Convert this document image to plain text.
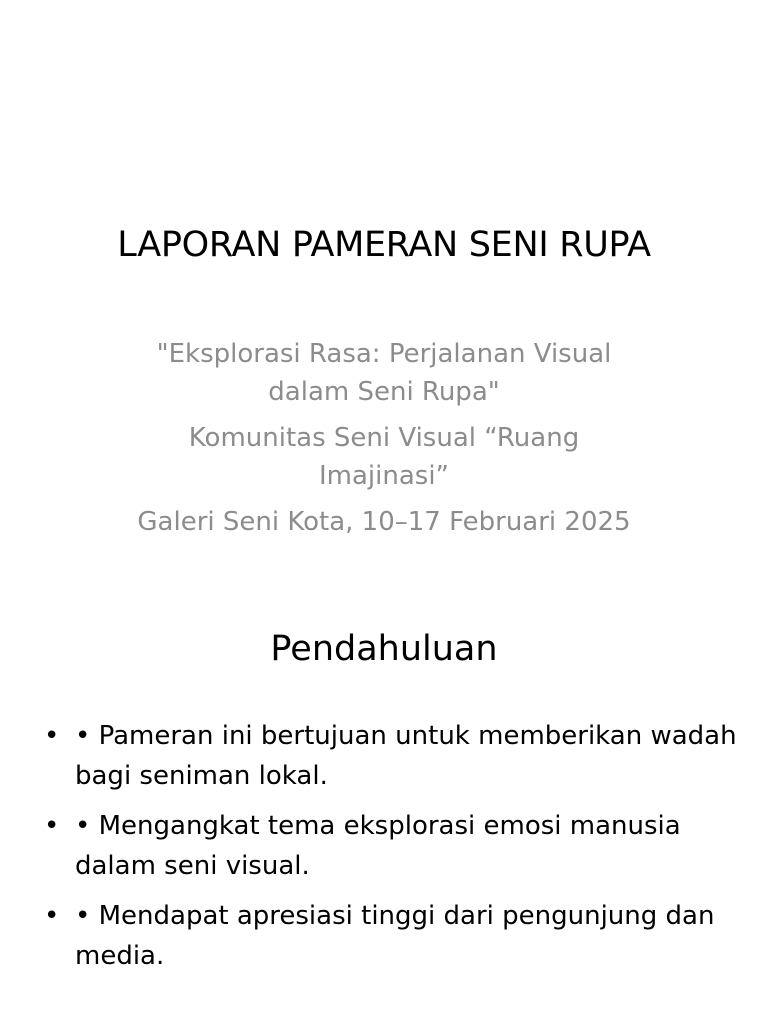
LAPORAN PAMERAN SENI RUPA
"Eksplorasi Rasa: Perjalanan Visual
dalam Seni Rupa"
Komunitas Seni Visual “Ruang
Imajinasi”
Galeri Seni Kota, 10–17 Februari 2025
Pendahuluan
• • Pameran ini bertujuan untuk memberikan wadah bagi seniman lokal.
• • Mengangkat tema eksplorasi emosi manusia dalam seni visual.
• • Mendapat apresiasi tinggi dari pengunjung dan media.
